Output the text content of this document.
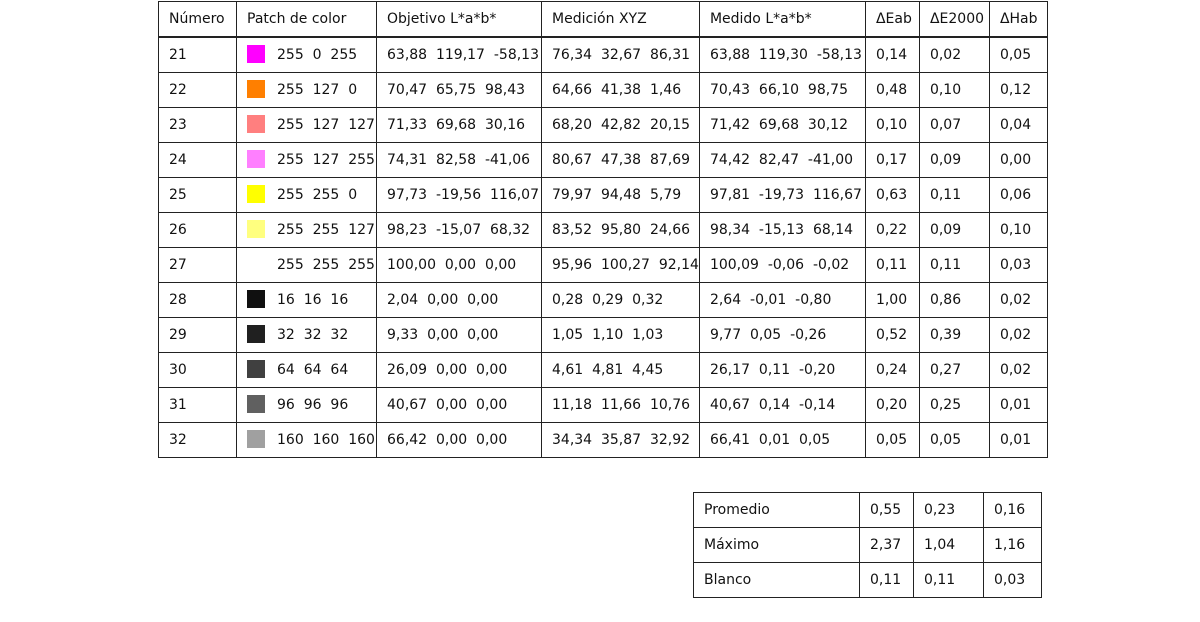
Número	Patch de color	Objetivo L*a*b*	Medición XYZ	Medido L*a*b*	ΔEab	ΔE2000	ΔHab
21	255  0  255	63,88  119,17  -58,13	76,34  32,67  86,31	63,88  119,30  -58,13	0,14	0,02	0,05
22	255  127  0	70,47  65,75  98,43	64,66  41,38  1,46	70,43  66,10  98,75	0,48	0,10	0,12
23	255  127  127	71,33  69,68  30,16	68,20  42,82  20,15	71,42  69,68  30,12	0,10	0,07	0,04
24	255  127  255	74,31  82,58  -41,06	80,67  47,38  87,69	74,42  82,47  -41,00	0,17	0,09	0,00
25	255  255  0	97,73  -19,56  116,07	79,97  94,48  5,79	97,81  -19,73  116,67	0,63	0,11	0,06
26	255  255  127	98,23  -15,07  68,32	83,52  95,80  24,66	98,34  -15,13  68,14	0,22	0,09	0,10
27	255  255  255	100,00  0,00  0,00	95,96  100,27  92,14	100,09  -0,06  -0,02	0,11	0,11	0,03
28	16  16  16	2,04  0,00  0,00	0,28  0,29  0,32	2,64  -0,01  -0,80	1,00	0,86	0,02
29	32  32  32	9,33  0,00  0,00	1,05  1,10  1,03	9,77  0,05  -0,26	0,52	0,39	0,02
30	64  64  64	26,09  0,00  0,00	4,61  4,81  4,45	26,17  0,11  -0,20	0,24	0,27	0,02
31	96  96  96	40,67  0,00  0,00	11,18  11,66  10,76	40,67  0,14  -0,14	0,20	0,25	0,01
32	160  160  160	66,42  0,00  0,00	34,34  35,87  32,92	66,41  0,01  0,05	0,05	0,05	0,01
Promedio	0,55	0,23	0,16
Máximo	2,37	1,04	1,16
Blanco	0,11	0,11	0,03
